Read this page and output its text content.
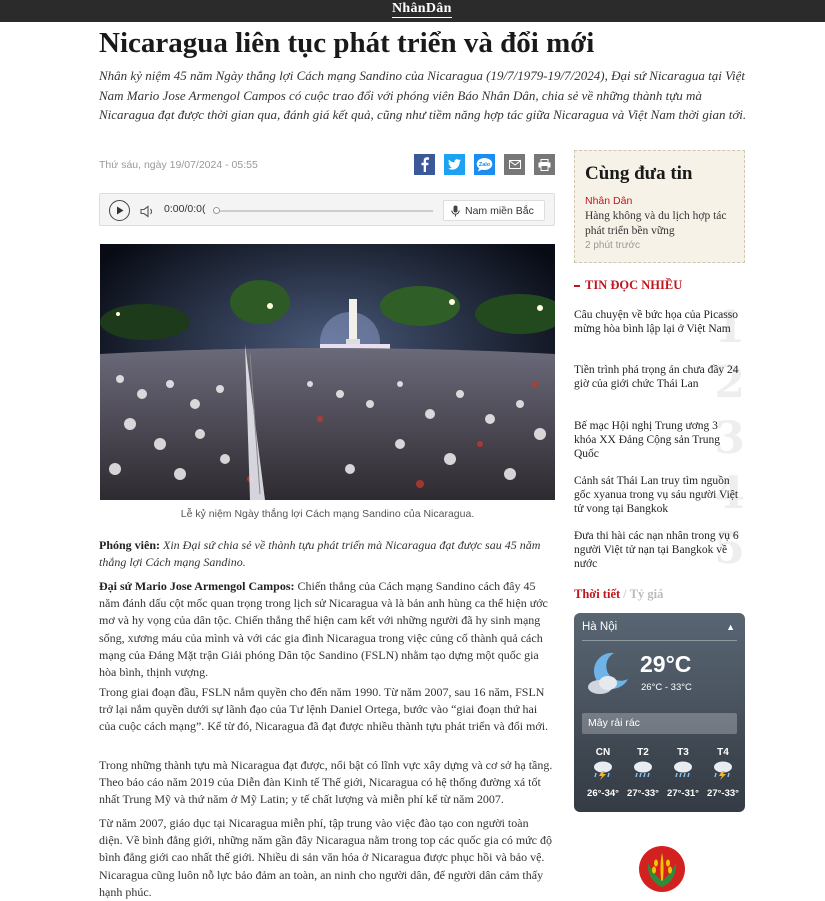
NhânDân
Nicaragua liên tục phát triển và đổi mới

Nhân kỷ niệm 45 năm Ngày thắng lợi Cách mạng Sandino của Nicaragua (19/7/1979-19/7/2024), Đại sứ Nicaragua tại Việt Nam Mario Jose Armengol Campos có cuộc trao đổi với phóng viên Báo Nhân Dân, chia sẻ về những thành tựu mà Nicaragua đạt được thời gian qua, đánh giá kết quả, cũng như tiềm năng hợp tác giữa Nicaragua và Việt Nam thời gian tới.

Thứ sáu, ngày 19/07/2024 - 05:55	Zalo
0:00/0:0(	Nam miền Bắc
Lễ kỷ niệm Ngày thắng lợi Cách mạng Sandino của Nicaragua.

Phóng viên: Xin Đại sứ chia sẻ về thành tựu phát triển mà Nicaragua đạt được sau 45 năm thắng lợi Cách mạng Sandino.

Đại sứ Mario Jose Armengol Campos: Chiến thắng của Cách mạng Sandino cách đây 45 năm đánh dấu cột mốc quan trọng trong lịch sử Nicaragua và là bản anh hùng ca thể hiện ước mơ và hy vọng của dân tộc. Chiến thắng thể hiện cam kết với những người đã hy sinh mạng sống, xương máu của mình và với các gia đình Nicaragua trong việc củng cố thành quả cách mạng của Đảng Mặt trận Giải phóng Dân tộc Sandino (FSLN) nhằm tạo dựng một quốc gia hòa bình, thịnh vượng.

Trong giai đoạn đầu, FSLN nắm quyền cho đến năm 1990. Từ năm 2007, sau 16 năm, FSLN trở lại nắm quyền dưới sự lãnh đạo của Tư lệnh Daniel Ortega, bước vào “giai đoạn thứ hai của cuộc cách mạng”. Kể từ đó, Nicaragua đã đạt được nhiều thành tựu phát triển và đổi mới.

Trong những thành tựu mà Nicaragua đạt được, nổi bật có lĩnh vực xây dựng và cơ sở hạ tầng. Theo báo cáo năm 2019 của Diễn đàn Kinh tế Thế giới, Nicaragua có hệ thống đường xá tốt nhất Trung Mỹ và thứ năm ở Mỹ Latin; y tế chất lượng và miễn phí kể từ năm 2007.

Từ năm 2007, giáo dục tại Nicaragua miễn phí, tập trung vào việc đào tạo con người toàn diện. Về bình đẳng giới, những năm gần đây Nicaragua nằm trong top các quốc gia có mức độ bình đẳng giới cao nhất thế giới. Nhiều di sản văn hóa ở Nicaragua được phục hồi và bảo vệ. Nicaragua cũng luôn nỗ lực bảo đảm an toàn, an ninh cho người dân, để người dân cảm thấy hạnh phúc.

Cùng đưa tin
Nhân Dân
Hàng không và du lịch hợp tác phát triển bền vững
2 phút trước
TIN ĐỌC NHIỀU
1
Câu chuyện về bức họa của Picasso mừng hòa bình lập lại ở Việt Nam
2
Tiền trình phá trọng án chưa đầy 24 giờ của giới chức Thái Lan
3
Bế mạc Hội nghị Trung ương 3 khóa XX Đảng Cộng sản Trung Quốc
4
Cảnh sát Thái Lan truy tìm nguồn gốc xyanua trong vụ sáu người Việt tử vong tại Bangkok
5
Đưa thi hài các nạn nhân trong vụ 6 người Việt tử nạn tại Bangkok về nước
Thời tiết / Tỷ giá
Hà Nội	▲

29°C
26°C - 33°C
Mây rải rác
CN
26°-34°
T2
27°-33°
T3
27°-31°
T4
27°-33°
